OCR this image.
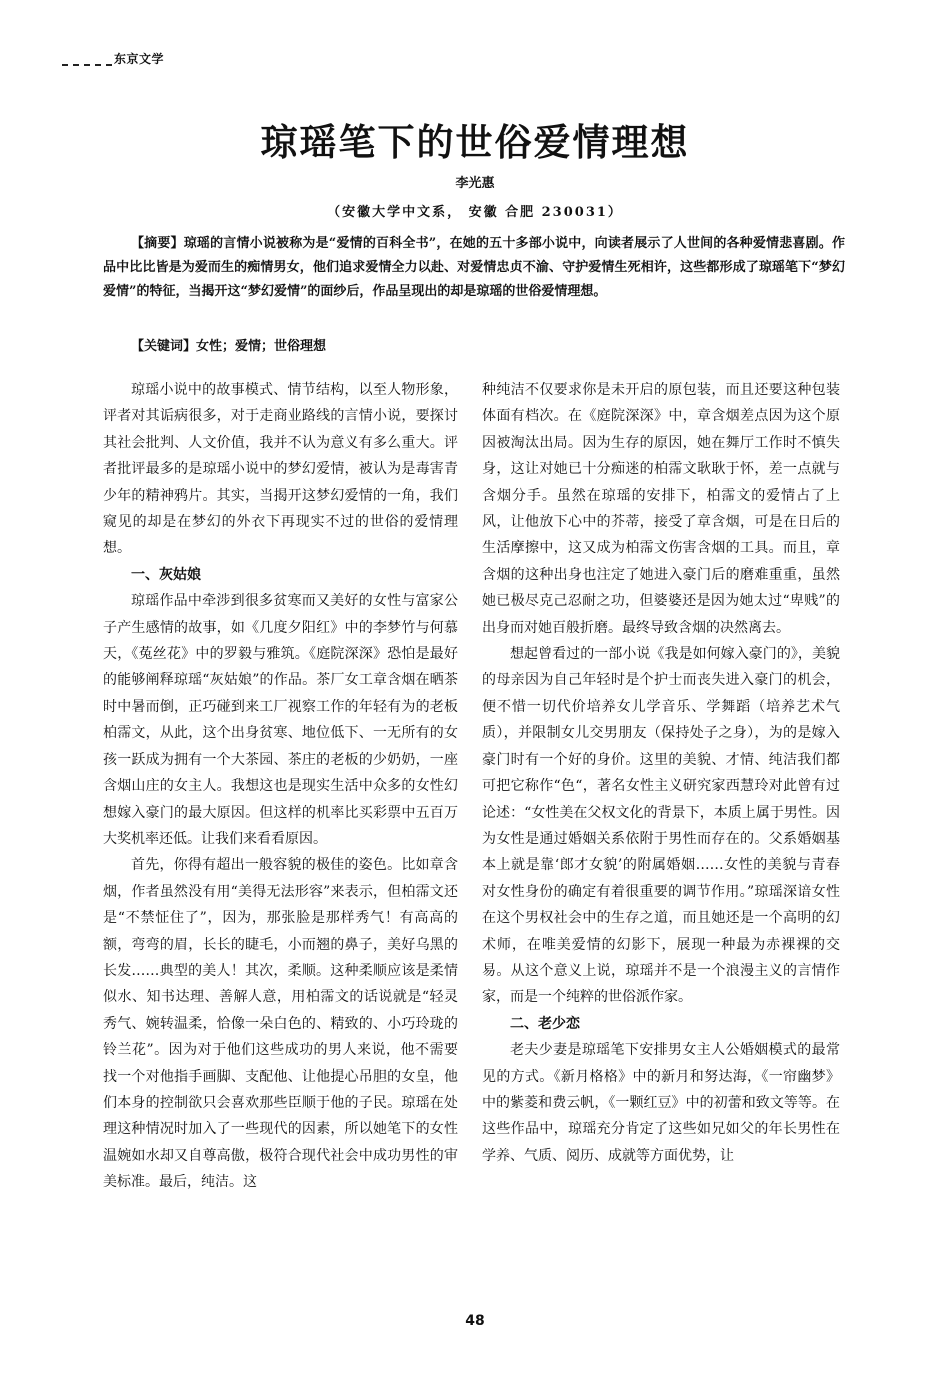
东京文学
琼瑶笔下的世俗爱情理想
李光惠
（安徽大学中文系， 安徽 合肥 230031）
【摘要】琼瑶的言情小说被称为是“爱情的百科全书”，在她的五十多部小说中，向读者展示了人世间的各种爱情悲喜剧。作品中比比皆是为爱而生的痴情男女，他们追求爱情全力以赴、对爱情忠贞不渝、守护爱情生死相许，这些都形成了琼瑶笔下“梦幻爱情”的特征，当揭开这“梦幻爱情”的面纱后，作品呈现出的却是琼瑶的世俗爱情理想。
【关键词】女性；爱情；世俗理想

琼瑶小说中的故事模式、情节结构，以至人物形象，评者对其诟病很多，对于走商业路线的言情小说，要探讨其社会批判、人文价值，我并不认为意义有多么重大。评者批评最多的是琼瑶小说中的梦幻爱情，被认为是毒害青少年的精神鸦片。其实，当揭开这梦幻爱情的一角，我们窥见的却是在梦幻的外衣下再现实不过的世俗的爱情理想。

一、灰姑娘

琼瑶作品中牵涉到很多贫寒而又美好的女性与富家公子产生感情的故事，如《几度夕阳红》中的李梦竹与何慕天，《菟丝花》中的罗毅与雅筑。《庭院深深》恐怕是最好的能够阐释琼瑶“灰姑娘”的作品。茶厂女工章含烟在晒茶时中暑而倒，正巧碰到来工厂视察工作的年轻有为的老板柏霈文，从此，这个出身贫寒、地位低下、一无所有的女孩一跃成为拥有一个大茶园、茶庄的老板的少奶奶，一座含烟山庄的女主人。我想这也是现实生活中众多的女性幻想嫁入豪门的最大原因。但这样的机率比买彩票中五百万大奖机率还低。让我们来看看原因。

首先，你得有超出一般容貌的极佳的姿色。比如章含烟，作者虽然没有用“美得无法形容”来表示，但柏霈文还是“不禁怔住了”，因为，那张脸是那样秀气！有高高的额，弯弯的眉，长长的睫毛，小而翘的鼻子，美好乌黑的长发……典型的美人！其次，柔顺。这种柔顺应该是柔情似水、知书达理、善解人意，用柏霈文的话说就是“轻灵秀气、婉转温柔，恰像一朵白色的、精致的、小巧玲珑的铃兰花”。因为对于他们这些成功的男人来说，他不需要找一个对他指手画脚、支配他、让他提心吊胆的女皇，他们本身的控制欲只会喜欢那些臣顺于他的子民。琼瑶在处理这种情况时加入了一些现代的因素，所以她笔下的女性温婉如水却又自尊高傲，极符合现代社会中成功男性的审美标准。最后，纯洁。这

种纯洁不仅要求你是未开启的原包装，而且还要这种包装体面有档次。在《庭院深深》中，章含烟差点因为这个原因被淘汰出局。因为生存的原因，她在舞厅工作时不慎失身，这让对她已十分痴迷的柏霈文耿耿于怀，差一点就与含烟分手。虽然在琼瑶的安排下，柏霈文的爱情占了上风，让他放下心中的芥蒂，接受了章含烟，可是在日后的生活摩擦中，这又成为柏霈文伤害含烟的工具。而且，章含烟的这种出身也注定了她进入豪门后的磨难重重，虽然她已极尽克己忍耐之功，但婆婆还是因为她太过“卑贱”的出身而对她百般折磨。最终导致含烟的决然离去。

想起曾看过的一部小说《我是如何嫁入豪门的》，美貌的母亲因为自己年轻时是个护士而丧失进入豪门的机会，便不惜一切代价培养女儿学音乐、学舞蹈（培养艺术气质），并限制女儿交男朋友（保持处子之身），为的是嫁入豪门时有一个好的身价。这里的美貌、才情、纯洁我们都可把它称作“色“，著名女性主义研究家西慧玲对此曾有过论述：“女性美在父权文化的背景下，本质上属于男性。因为女性是通过婚姻关系依附于男性而存在的。父系婚姻基本上就是靠‘郎才女貌’的附属婚姻……女性的美貌与青春对女性身份的确定有着很重要的调节作用。”琼瑶深谙女性在这个男权社会中的生存之道，而且她还是一个高明的幻术师，在唯美爱情的幻影下，展现一种最为赤裸裸的交易。从这个意义上说，琼瑶并不是一个浪漫主义的言情作家，而是一个纯粹的世俗派作家。

二、老少恋

老夫少妻是琼瑶笔下安排男女主人公婚姻模式的最常见的方式。《新月格格》中的新月和努达海，《一帘幽梦》中的紫菱和费云帆，《一颗红豆》中的初蕾和致文等等。在这些作品中，琼瑶充分肯定了这些如兄如父的年长男性在学养、气质、阅历、成就等方面优势，让

48
